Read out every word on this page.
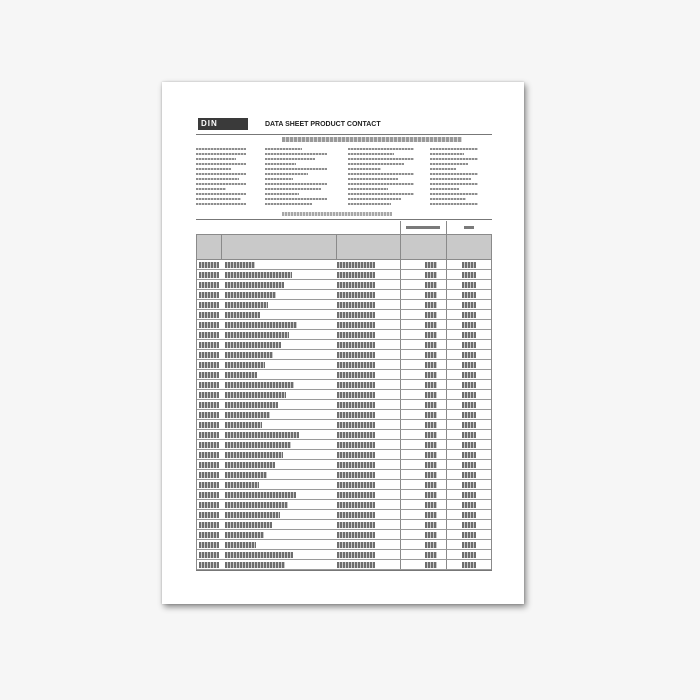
DIN	DATA SHEET PRODUCT CONTACT
